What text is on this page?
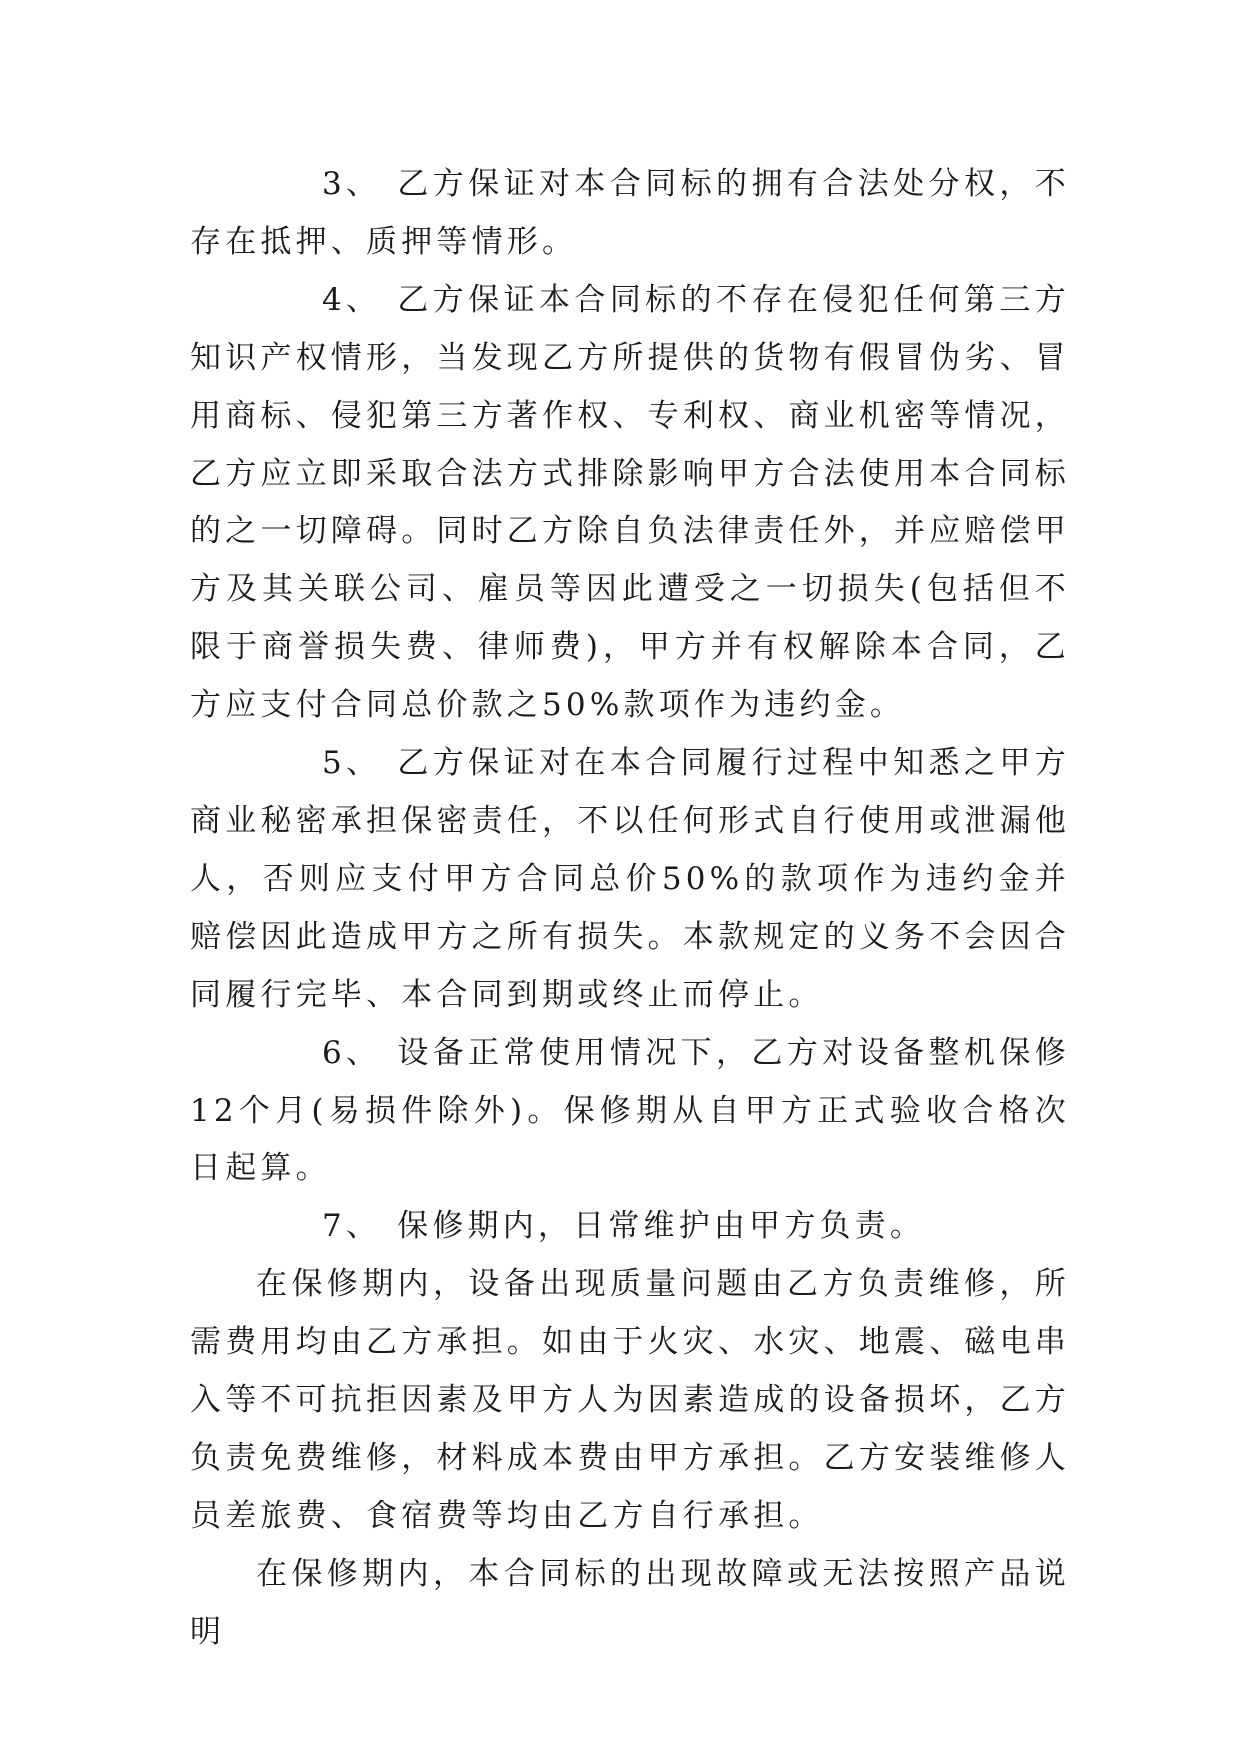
3、 乙方保证对本合同标的拥有合法处分权，不存在抵押、质押等情形。

4、 乙方保证本合同标的不存在侵犯任何第三方知识产权情形，当发现乙方所提供的货物有假冒伪劣、冒用商标、侵犯第三方著作权、专利权、商业机密等情况，乙方应立即采取合法方式排除影响甲方合法使用本合同标的之一切障碍。同时乙方除自负法律责任外，并应赔偿甲方及其关联公司、雇员等因此遭受之一切损失(包括但不限于商誉损失费、律师费)，甲方并有权解除本合同，乙方应支付合同总价款之50%款项作为违约金。

5、 乙方保证对在本合同履行过程中知悉之甲方商业秘密承担保密责任，不以任何形式自行使用或泄漏他人，否则应支付甲方合同总价50%的款项作为违约金并赔偿因此造成甲方之所有损失。本款规定的义务不会因合同履行完毕、本合同到期或终止而停止。

6、 设备正常使用情况下，乙方对设备整机保修12个月(易损件除外)。保修期从自甲方正式验收合格次日起算。

7、 保修期内，日常维护由甲方负责。

在保修期内，设备出现质量问题由乙方负责维修，所需费用均由乙方承担。如由于火灾、水灾、地震、磁电串入等不可抗拒因素及甲方人为因素造成的设备损坏，乙方负责免费维修，材料成本费由甲方承担。乙方安装维修人员差旅费、食宿费等均由乙方自行承担。

在保修期内，本合同标的出现故障或无法按照产品说明
